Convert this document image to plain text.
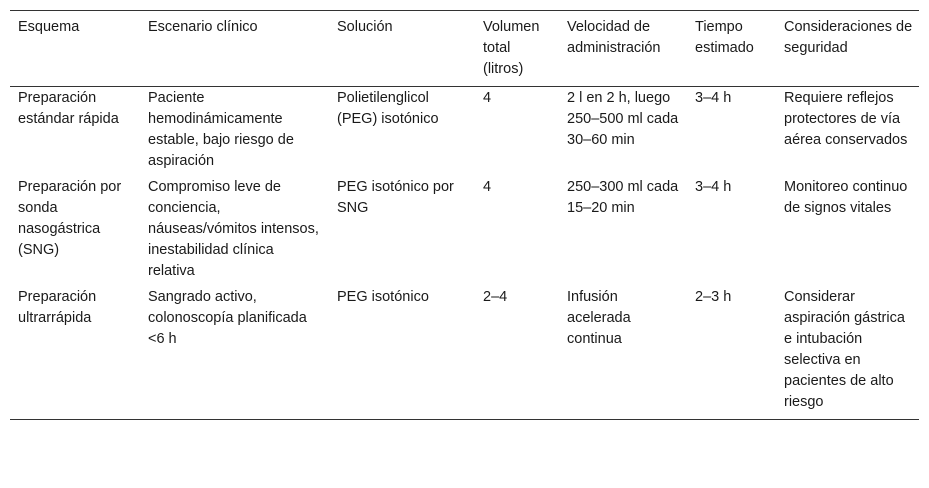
Esquema	Escenario clínico	Solución	Volumen total (litros)	Velocidad de administración	Tiempo estimado	Consideraciones de seguridad
Preparación estándar rápida	Paciente hemodinámicamente estable, bajo riesgo de aspiración	Polietilenglicol (PEG) isotónico	4	2 l en 2 h, luego 250–500 ml cada 30–60 min	3–4 h	Requiere reflejos protectores de vía aérea conservados
Preparación por sonda nasogástrica (SNG)	Compromiso leve de conciencia, náuseas/vómitos intensos, inestabilidad clínica relativa	PEG isotónico por SNG	4	250–300 ml cada 15–20 min	3–4 h	Monitoreo continuo de signos vitales
Preparación ultrarrápida	Sangrado activo, colonoscopía planificada <6 h	PEG isotónico	2–4	Infusión acelerada continua	2–3 h	Considerar aspiración gástrica e intubación selectiva en pacientes de alto riesgo
